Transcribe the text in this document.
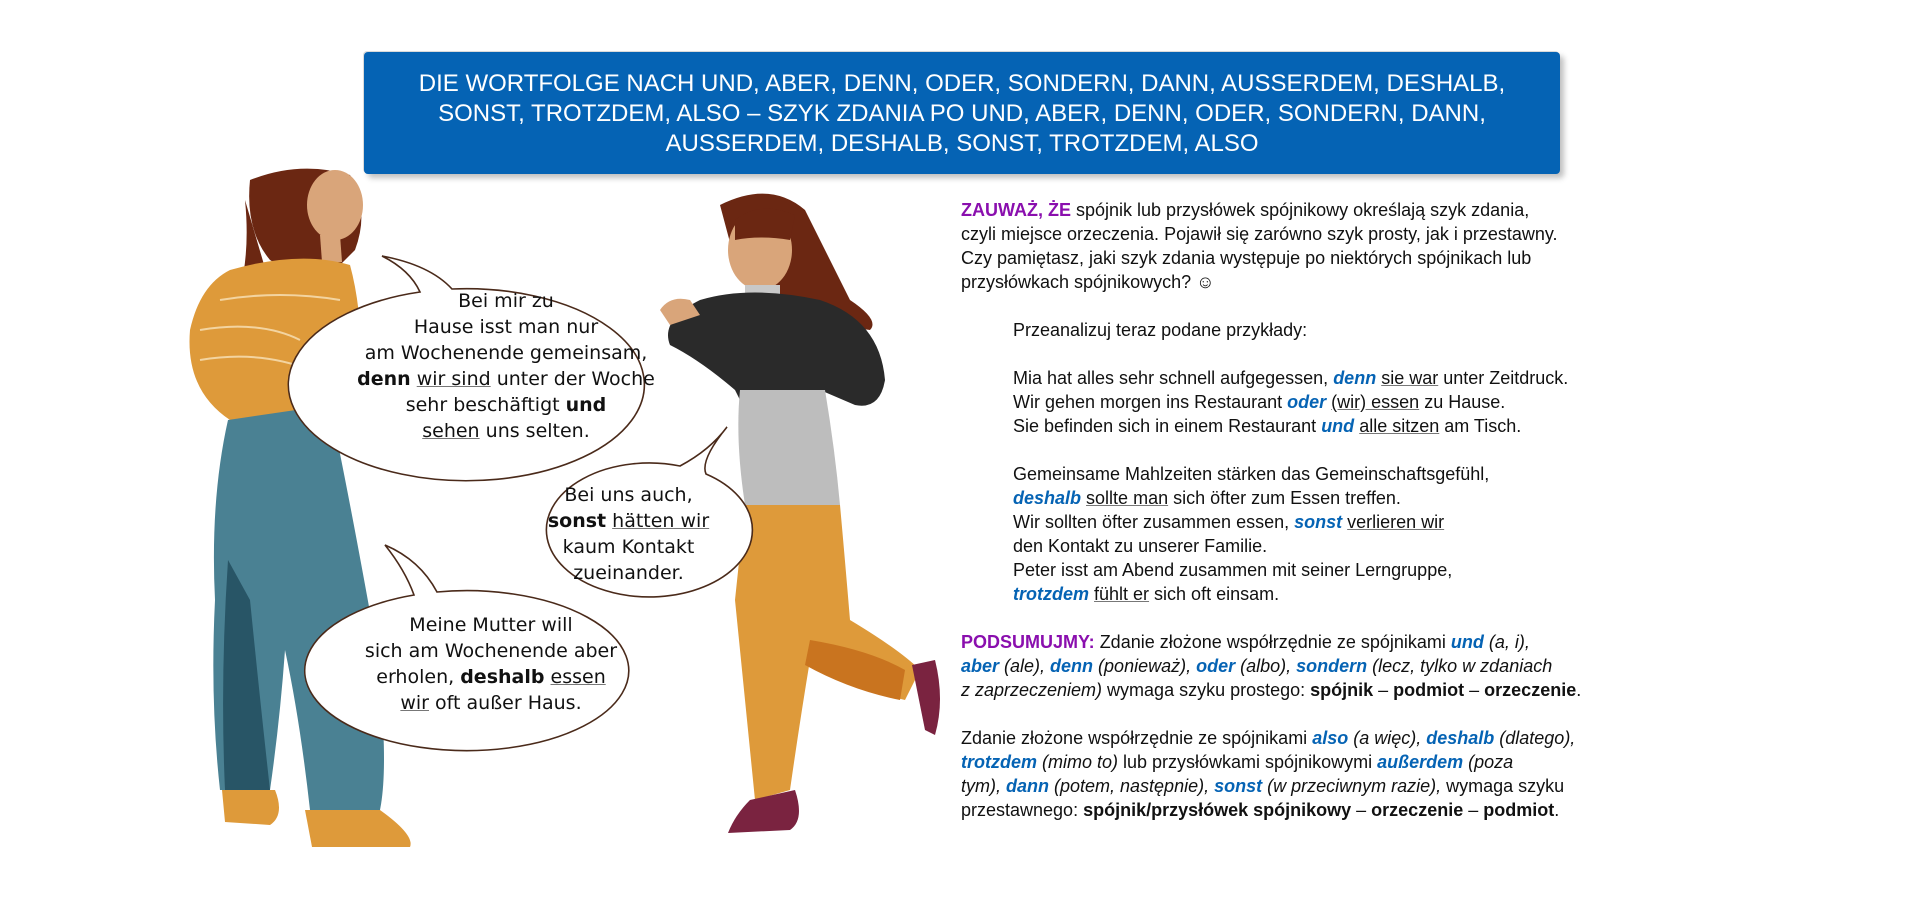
DIE WORTFOLGE NACH UND, ABER, DENN, ODER, SONDERN, DANN, AUSSERDEM, DESHALB,
SONST, TROTZDEM, ALSO – SZYK ZDANIA PO UND, ABER, DENN, ODER, SONDERN, DANN,
AUSSERDEM, DESHALB, SONST, TROTZDEM, ALSO
Bei mir zu
Hause isst man nur
am Wochenende gemeinsam,
denn wir sind unter der Woche
sehr beschäftigt und
sehen uns selten.
Bei uns auch,
sonst hätten wir
kaum Kontakt
zueinander.
Meine Mutter will
sich am Wochenende aber
erholen, deshalb essen
wir oft außer Haus.

ZAUWAŻ, ŻE spójnik lub przysłówek spójnikowy określają szyk zdania,
czyli miejsce orzeczenia. Pojawił się zarówno szyk prosty, jak i przestawny.
Czy pamiętasz, jaki szyk zdania występuje po niektórych spójnikach lub
przysłówkach spójnikowych? ☺

Przeanalizuj teraz podane przykłady:

Mia hat alles sehr schnell aufgegessen, denn sie war unter Zeitdruck.
Wir gehen morgen ins Restaurant oder (wir) essen zu Hause.
Sie befinden sich in einem Restaurant und alle sitzen am Tisch.

Gemeinsame Mahlzeiten stärken das Gemeinschaftsgefühl,
deshalb sollte man sich öfter zum Essen treffen.
Wir sollten öfter zusammen essen, sonst verlieren wir
den Kontakt zu unserer Familie.
Peter isst am Abend zusammen mit seiner Lerngruppe,
trotzdem fühlt er sich oft einsam.

PODSUMUJMY: Zdanie złożone współrzędnie ze spójnikami und (a, i),
aber (ale), denn (ponieważ), oder (albo), sondern (lecz, tylko w zdaniach
z zaprzeczeniem) wymaga szyku prostego: spójnik – podmiot – orzeczenie.

Zdanie złożone współrzędnie ze spójnikami also (a więc), deshalb (dlatego),
trotzdem (mimo to) lub przysłówkami spójnikowymi außerdem (poza
tym), dann (potem, następnie), sonst (w przeciwnym razie), wymaga szyku
przestawnego: spójnik/przysłówek spójnikowy – orzeczenie – podmiot.
